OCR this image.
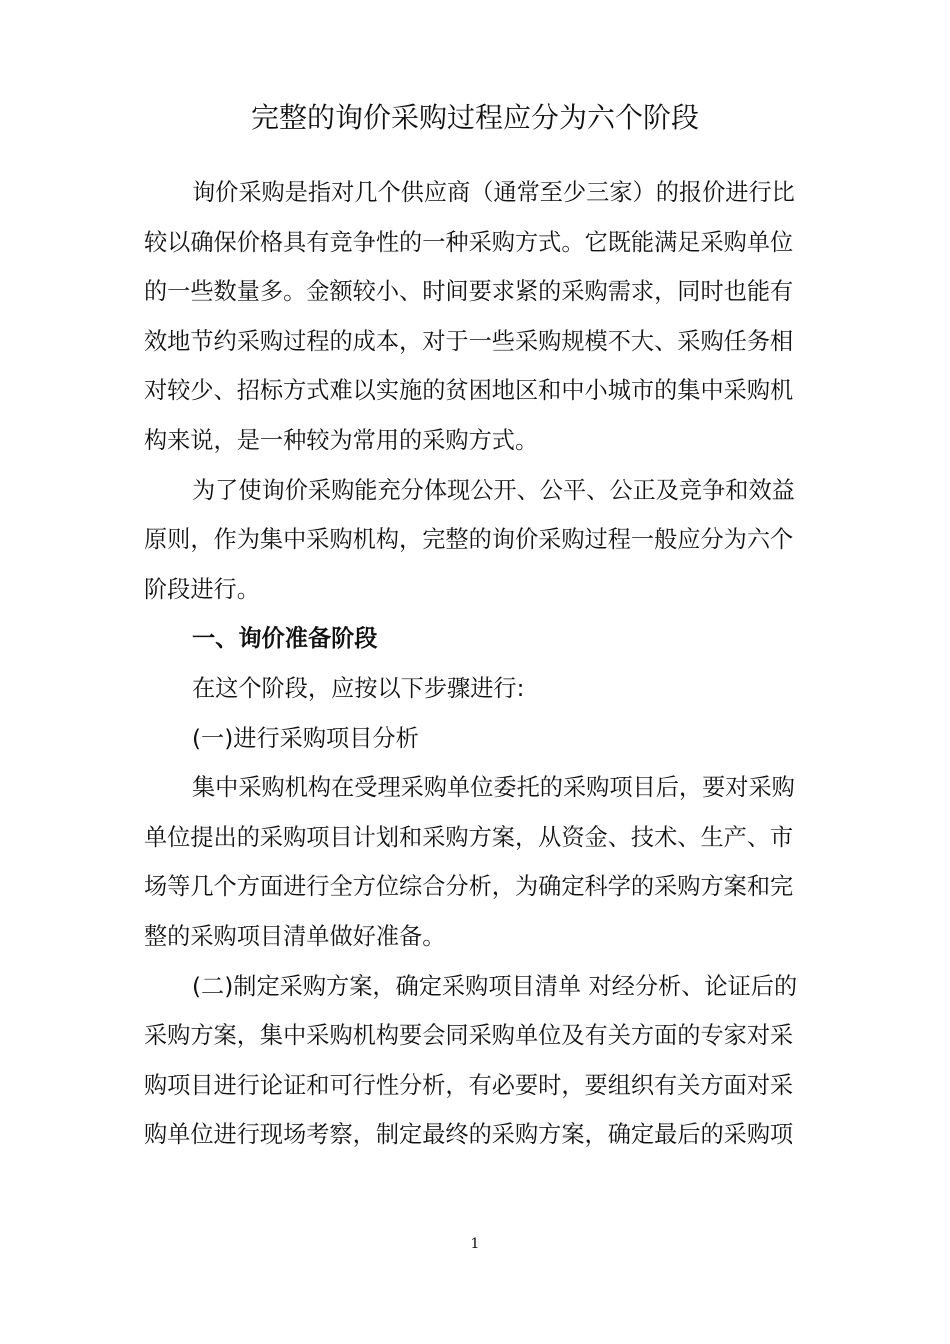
完整的询价采购过程应分为六个阶段
询价采购是指对几个供应商（通常至少三家）的报价进行比
较以确保价格具有竞争性的一种采购方式。它既能满足采购单位
的一些数量多。金额较小、时间要求紧的采购需求，同时也能有
效地节约采购过程的成本，对于一些采购规模不大、采购任务相
对较少、招标方式难以实施的贫困地区和中小城市的集中采购机
构来说，是一种较为常用的采购方式。
为了使询价采购能充分体现公开、公平、公正及竞争和效益
原则，作为集中采购机构，完整的询价采购过程一般应分为六个
阶段进行。
一、询价准备阶段
在这个阶段，应按以下步骤进行:
(一)进行采购项目分析
集中采购机构在受理采购单位委托的采购项目后，要对采购
单位提出的采购项目计划和采购方案，从资金、技术、生产、市
场等几个方面进行全方位综合分析，为确定科学的采购方案和完
整的采购项目清单做好准备。
(二)制定采购方案，确定采购项目清单 对经分析、论证后的
采购方案，集中采购机构要会同采购单位及有关方面的专家对采
购项目进行论证和可行性分析，有必要时，要组织有关方面对采
购单位进行现场考察，制定最终的采购方案，确定最后的采购项
1
